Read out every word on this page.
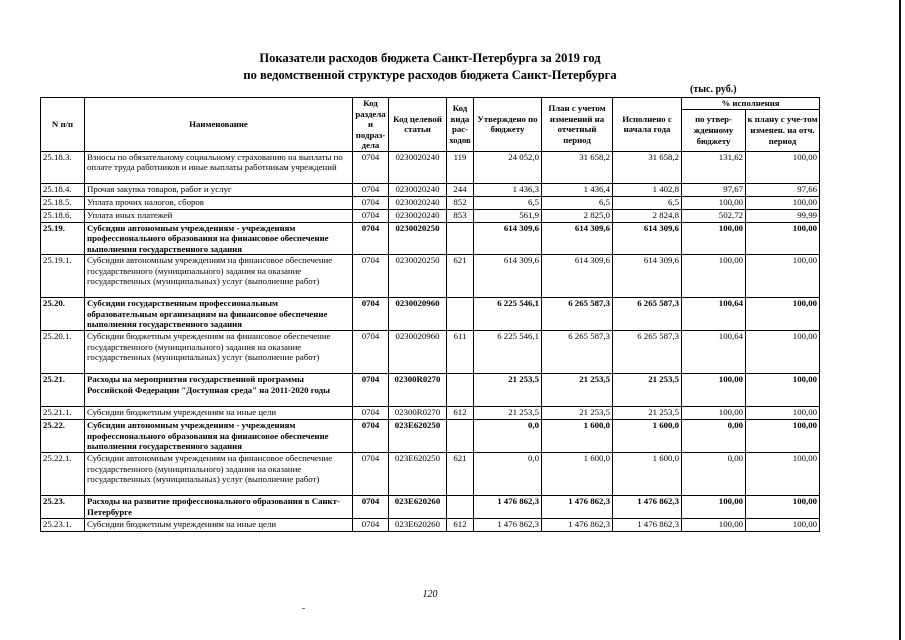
Показатели расходов бюджета Санкт-Петербурга за 2019 год
по ведомственной структуре расходов бюджета Санкт-Петербурга
(тыс. руб.)
N п/п	Наименование	Код раздела и подраз-дела	Код целевой статьи	Код вида рас-ходов	Утверждено по бюджету	План с учетом изменений на отчетный период	Исполнено с начала года	% исполнения	
								по утвер-жденному бюджету	к плану с уче-том изменен. на отч. период
25.18.3.	Взносы по обязательному социальному страхованию на выплаты по оплате труда работников и иные выплаты работникам учреждений	0704	0230020240	119	24 052,0	31 658,2	31 658,2	131,62	100,00
25.18.4.	Прочая закупка товаров, работ и услуг	0704	0230020240	244	1 436,3	1 436,4	1 402,8	97,67	97,66
25.18.5.	Уплата прочих налогов, сборов	0704	0230020240	852	6,5	6,5	6,5	100,00	100,00
25.18.6.	Уплата иных платежей	0704	0230020240	853	561,9	2 825,0	2 824,8	502,72	99,99
25.19.	Субсидии автономным учреждениям - учреждениям профессионального образования на финансовое обеспечение выполнения государственного задания	0704	0230020250		614 309,6	614 309,6	614 309,6	100,00	100,00
25.19.1.	Субсидии автономным учреждениям на финансовое обеспечение государственного (муниципального) задания на оказание государственных (муниципальных) услуг (выполнение работ)	0704	0230020250	621	614 309,6	614 309,6	614 309,6	100,00	100,00
25.20.	Субсидии государственным профессиональным образовательным организациям на финансовое обеспечение выполнения государственного задания	0704	0230020960		6 225 546,1	6 265 587,3	6 265 587,3	100,64	100,00
25.20.1.	Субсидии бюджетным учреждениям на финансовое обеспечение государственного (муниципального) задания на оказание государственных (муниципальных) услуг (выполнение работ)	0704	0230020960	611	6 225 546,1	6 265 587,3	6 265 587,3	100,64	100,00
25.21.	Расходы на мероприятия государственной программы Российской Федерации "Доступная среда" на 2011-2020 годы	0704	02300R0270		21 253,5	21 253,5	21 253,5	100,00	100,00
25.21.1.	Субсидии бюджетным учреждениям на иные цели	0704	02300R0270	612	21 253,5	21 253,5	21 253,5	100,00	100,00
25.22.	Субсидии автономным учреждениям - учреждениям профессионального образования на финансовое обеспечение выполнения государственного задания	0704	023Е620250		0,0	1 600,0	1 600,0	0,00	100,00
25.22.1.	Субсидии автономным учреждениям на финансовое обеспечение государственного (муниципального) задания на оказание государственных (муниципальных) услуг (выполнение работ)	0704	023Е620250	621	0,0	1 600,0	1 600,0	0,00	100,00
25.23.	Расходы на развитие профессионального образования в Санкт-Петербурге	0704	023Е620260		1 476 862,3	1 476 862,3	1 476 862,3	100,00	100,00
25.23.1.	Субсидии бюджетным учреждениям на иные цели	0704	023Е620260	612	1 476 862,3	1 476 862,3	1 476 862,3	100,00	100,00
120
